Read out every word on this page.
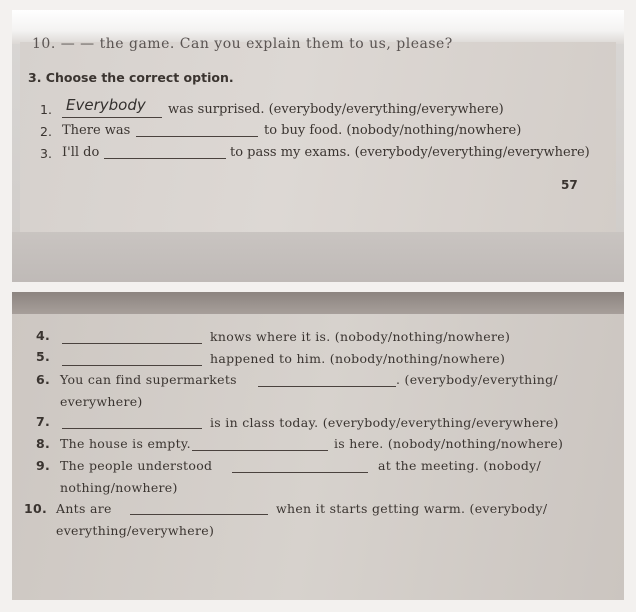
10. — — the game. Can you explain them to us, please?
3. Choose the correct option.
1. Everybody was surprised. (everybody/everything/everywhere)
2. There was	to buy food. (nobody/nothing/nowhere)
3. I'll do	to pass my exams. (everybody/everything/everywhere)
57
4.	knows where it is. (nobody/nothing/nowhere)
5.	happened to him. (nobody/nothing/nowhere)
6. You can find supermarkets	. (everybody/everything/
everywhere)
7.	is in class today. (everybody/everything/everywhere)
8. The house is empty.	is here. (nobody/nothing/nowhere)
9. The people understood	at the meeting. (nobody/
nothing/nowhere)
10. Ants are	when it starts getting warm. (everybody/
everything/everywhere)
